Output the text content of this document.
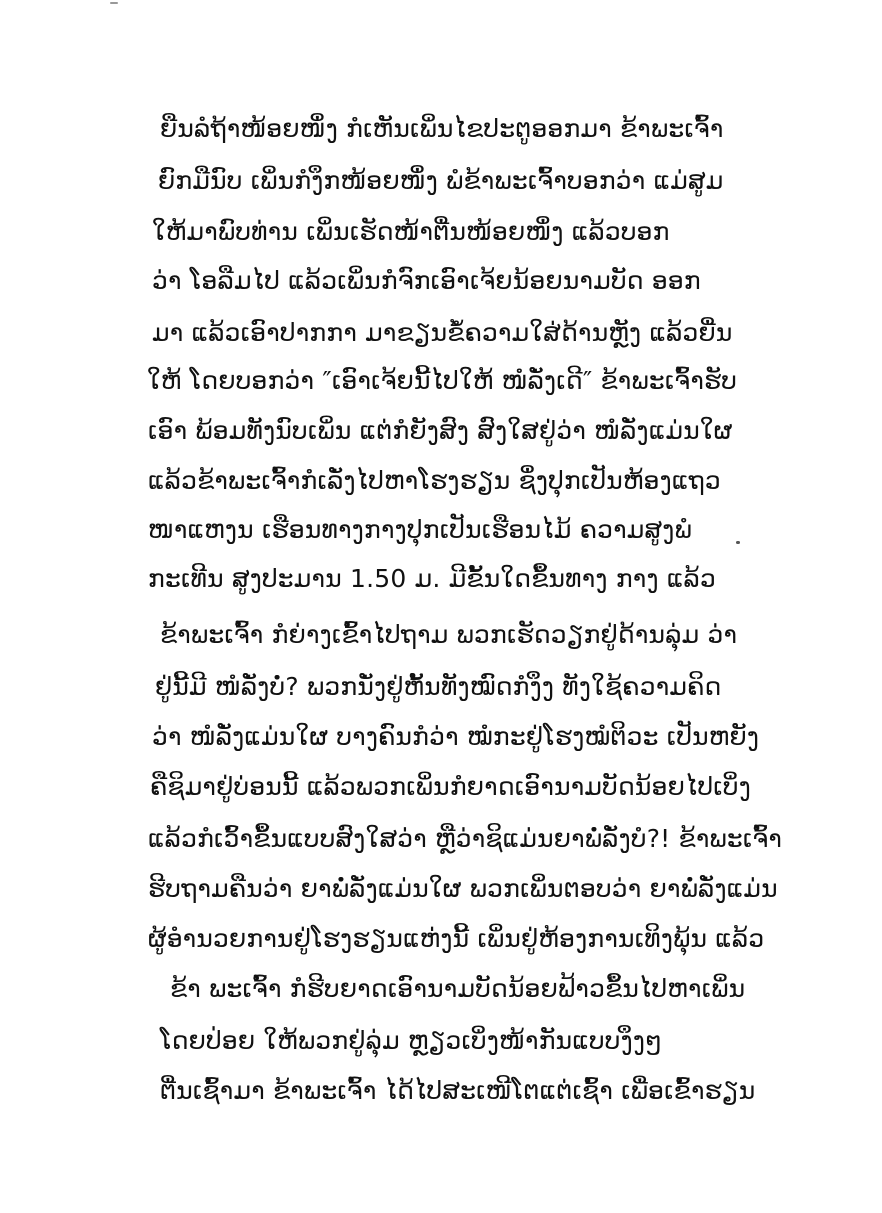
ຍືນລໍຖ້າໜ້ອຍໜຶ່ງ ກໍເຫັນເພິ່ນໄຂປະຕູອອກມາ ຂ້າພະເຈົ້າ
ຍົກມືນົບ ເພິ່ນກໍງຶກໜ້ອຍໜຶ່ງ ພໍຂ້າພະເຈົ້າບອກວ່າ ແມ່ສູມ
ໃຫ້ມາພົບທ່ານ ເພິ່ນເຮັດໜ້າຕື່ນໜ້ອຍໜຶ່ງ ແລ້ວບອກ
ວ່າ ໂອລືມໄປ ແລ້ວເພິ່ນກໍຈົກເອົາເຈ້ຍນ້ອຍນາມບັດ ອອກ
ມາ ແລ້ວເອົາປາກກາ ມາຂຽນຂໍ້ຄວາມໃສ່ດ້ານຫຼັງ ແລ້ວຍື່ນ
ໃຫ້ ໂດຍບອກວ່າ ″ເອົາເຈ້ຍນີ້ໄປໃຫ້ ໜໍລັ່ງເດີ″ ຂ້າພະເຈົ້າຮັບ
ເອົາ ພ້ອມທັງນົບເພິ່ນ ແຕ່ກໍຍັງສົງ ສົງໃສຢູ່ວ່າ ໜໍລັ່ງແມ່ນໃຜ
ແລ້ວຂ້າພະເຈົ້າກໍເລັ່ງໄປຫາໂຮງຮຽນ ຊຶ່ງປຸກເປັນຫ້ອງແຖວ
ໜາແຫງນ ເຮືອນທາງກາງປຸກເປັນເຮືອນໄມ້ ຄວາມສູງພໍ
ກະເທີນ ສູງປະມານ 1.50 ມ. ມີຂັ້ນໃດຂຶ້ນທາງ ກາງ ແລ້ວ
ຂ້າພະເຈົ້າ ກໍຍ່າງເຂົ້າໄປຖາມ ພວກເຮັດວຽກຢູ່ດ້ານລຸ່ມ ວ່າ
ຢູ່ນີ້ມີ ໜໍລັ່ງບໍ່? ພວກນັ່ງຢູ່ຫັ້ນທັງໝົດກໍງຶງ ທັງໃຊ້ຄວາມຄິດ
ວ່າ ໜໍລັ່ງແມ່ນໃຜ ບາງຄົນກໍວ່າ ໝໍກະຢູ່ໂຮງໝໍຕິວະ ເປັນຫຍັງ
ຄືຊິມາຢູ່ບ່ອນນີ້ ແລ້ວພວກເພິ່ນກໍຍາດເອົານາມບັດນ້ອຍໄປເບິ່ງ
ແລ້ວກໍເວົ້າຂຶ້ນແບບສົງໃສວ່າ ຫຼືວ່າຊິແມ່ນຍາພໍ່ລັ່ງບໍ?! ຂ້າພະເຈົ້າ
ຮີບຖາມຄືນວ່າ ຍາພໍ່ລັ່ງແມ່ນໃຜ ພວກເພິ່ນຕອບວ່າ ຍາພໍ່ລັ່ງແມ່ນ
ຜູ້ອຳນວຍການຢູ່ໂຮງຮຽນແຫ່ງນີ້ ເພິ່ນຢູ່ຫ້ອງການເທິງພຸ້ນ ແລ້ວ
ຂ້າ ພະເຈົ້າ ກໍຮີບຍາດເອົານາມບັດນ້ອຍຟ້າວຂຶ້ນໄປຫາເພິ່ນ
ໂດຍປ່ອຍ ໃຫ້ພວກຢູ່ລຸ່ມ ຫຼຽວເບິ່ງໜ້າກັນແບບງຶງໆ
ຕື່ນເຊົ້າມາ ຂ້າພະເຈົ້າ ໄດ້ໄປສະເໜີໂຕແຕ່ເຊົ້າ ເພື່ອເຂົ້າຮຽນ
